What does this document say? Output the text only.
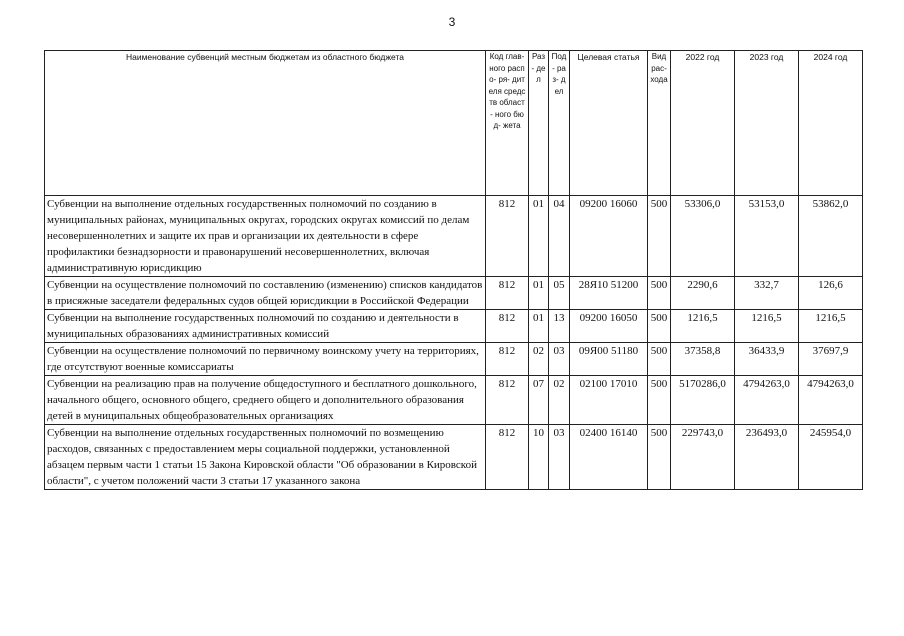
3
Наименование субвенций местным бюджетам из областного бюджета	Код глав- ного распо- ря- дителя средств област- ного бюд- жета	Раз- дел	Под- раз- дел	Целевая статья	Вид рас- хода	2022 год	2023 год	2024 год
Субвенции на выполнение отдельных государственных полномочий по созданию в муниципальных районах, муниципальных округах, городских округах комиссий по делам несовершеннолетних и защите их прав и организации их деятельности в сфере профилактики безнадзорности и правонарушений несовершеннолетних, включая административную юрисдикцию	812	01	04	09200 16060	500	53306,0	53153,0	53862,0
Субвенции на осуществление полномочий по составлению (изменению) списков кандидатов в присяжные заседатели федеральных судов общей юрисдикции в Российской Федерации	812	01	05	28Я10 51200	500	2290,6	332,7	126,6
Субвенции на выполнение государственных полномочий по созданию и деятельности в муниципальных образованиях административных комиссий	812	01	13	09200 16050	500	1216,5	1216,5	1216,5
Субвенции на осуществление полномочий по первичному воинскому учету на территориях, где отсутствуют военные комиссариаты	812	02	03	09Я00 51180	500	37358,8	36433,9	37697,9
Субвенции на реализацию прав на получение общедоступного и бесплатного дошкольного, начального общего, основного общего, среднего общего и дополнительного образования детей в муниципальных общеобразовательных организациях	812	07	02	02100 17010	500	5170286,0	4794263,0	4794263,0
Субвенции на выполнение отдельных государственных полномочий по возмещению расходов, связанных с предоставлением меры социальной поддержки, установленной абзацем первым части 1 статьи 15 Закона Кировской области "Об образовании в Кировской области", с учетом положений части 3 статьи 17 указанного закона	812	10	03	02400 16140	500	229743,0	236493,0	245954,0
